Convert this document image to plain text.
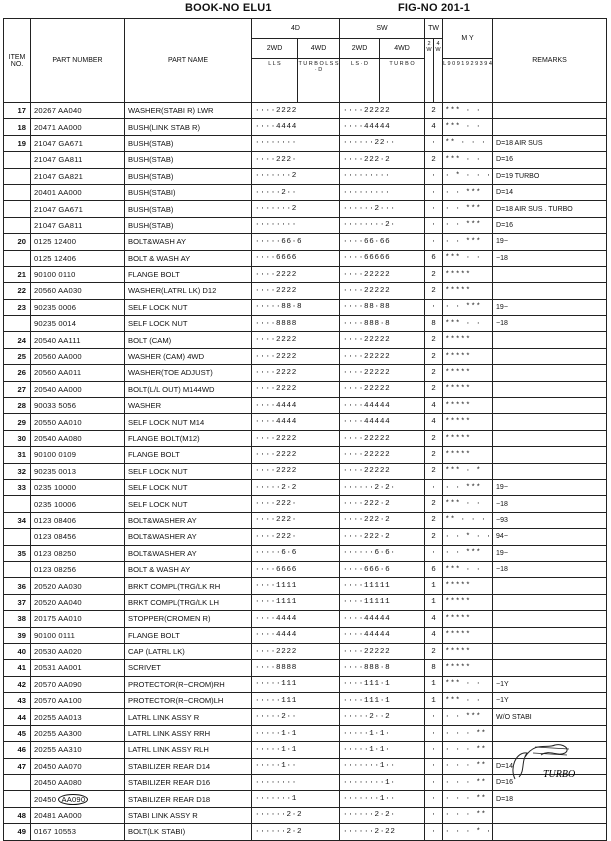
BOOK-NO ELU1	FIG-NO 201-1
ITEM NO.	PART NUMBER	PART NAME	4D		SW		TW		M Y	REMARKS
			2WD	4WD	2WD	4WD	2 W	4 W		
			L L S	T U R B O L S S · D	L S · D	T U R B O			L 9 0 9 1 9 2 9 3 9 4	
17	20267 AA040	WASHER(STABI R) LWR	····2222		····22222		2		*** · ·	
18	20471 AA000	BUSH(LINK STAB R)	····4444		····44444		4		*** · ·	
19	21047 GA671	BUSH(STAB)	········		······22··		·		** · · ·	D=18 AIR SUS
	21047 GA811	BUSH(STAB)	····222·		····222·2		2		*** · ·	D=16
	21047 GA821	BUSH(STAB)	·······2		·········		·		· * · · ·	D=19 TURBO
	20401 AA000	BUSH(STABI)	·····2··		·········		·		· · ***	D=14
	21047 GA671	BUSH(STAB)	·······2		······2···		·		· · ***	D=18 AIR SUS . TURBO
	21047 GA811	BUSH(STAB)	········		········2·		·		· · ***	D=16
20	0125 12400	BOLT&WASH AY	·····66·6		····66·66		·		· · ***	19−
	0125 12406	BOLT & WASH AY	····6666		····66666		6		*** · ·	−18
21	90100 0110	FLANGE BOLT	····2222		····22222		2		*****	
22	20560 AA030	WASHER(LATRL LK) D12	····2222		····22222		2		*****	
23	90235 0006	SELF LOCK NUT	·····88·8		····88·88		·		· · ***	19−
	90235 0014	SELF LOCK NUT	····8888		····888·8		8		*** · ·	−18
24	20540 AA111	BOLT (CAM)	····2222		····22222		2		*****	
25	20560 AA000	WASHER (CAM) 4WD	····2222		····22222		2		*****	
26	20560 AA011	WASHER(TOE ADJUST)	····2222		····22222		2		*****	
27	20540 AA000	BOLT(L/L OUT) M144WD	····2222		····22222		2		*****	
28	90033 5056	WASHER	····4444		····44444		4		*****	
29	20550 AA010	SELF LOCK NUT M14	····4444		····44444		4		*****	
30	20540 AA080	FLANGE BOLT(M12)	····2222		····22222		2		*****	
31	90100 0109	FLANGE BOLT	····2222		····22222		2		*****	
32	90235 0013	SELF LOCK NUT	····2222		····22222		2		*** · *	
33	0235 10000	SELF LOCK NUT	·····2·2		······2·2·		·		· · ***	19−
	0235 10006	SELF LOCK NUT	····222·		····222·2		2		*** · ·	−18
34	0123 08406	BOLT&WASHER AY	····222·		····222·2		2		** · · ·	−93
	0123 08456	BOLT&WASHER AY	····222·		····222·2		2		· · * · ·	94−
35	0123 08250	BOLT&WASHER AY	·····6·6		······6·6·		·		· · ***	19−
	0123 08256	BOLT & WASH AY	····6666		····666·6		6		*** · ·	−18
36	20520 AA030	BRKT COMPL(TRG/LK RH	····1111		····11111		1		*****	
37	20520 AA040	BRKT COMPL(TRG/LK LH	····1111		····11111		1		*****	
38	20175 AA010	STOPPER(CROMEN R)	····4444		····44444		4		*****	
39	90100 0111	FLANGE BOLT	····4444		····44444		4		*****	
40	20530 AA020	CAP (LATRL LK)	····2222		····22222		2		*****	
41	20531 AA001	SCRIVET	····8888		····888·8		8		*****	
42	20570 AA090	PROTECTOR(R−CROM)RH	·····111		····111·1		1		*** · ·	−1Y
43	20570 AA100	PROTECTOR(R−CROM)LH	·····111		····111·1		1		*** · ·	−1Y
44	20255 AA013	LATRL LINK ASSY R	·····2··		·····2··2		·		· · ***	W/O STABI
45	20255 AA300	LATRL LINK ASSY RRH	·····1·1		·····1·1·		·		· · · **	
46	20255 AA310	LATRL LINK ASSY RLH	·····1·1		·····1·1·		·		· · · **	
47	20450 AA070	STABILIZER REAR D14	·····1··		·······1··		·		· · · **	D=14
	20450 AA080	STABILIZER REAR D16	········		········1·		·		· · · **	D=16
	20450 AA090	STABILIZER REAR D18	·······1		·······1··		·		· · · **	D=18
48	20481 AA000	STABI LINK ASSY R	······2·2		······2·2·		·		· · · **	
49	0167 10553	BOLT(LK STABI)	······2·2		······2·22		·		· · · * ·	
TURBO
